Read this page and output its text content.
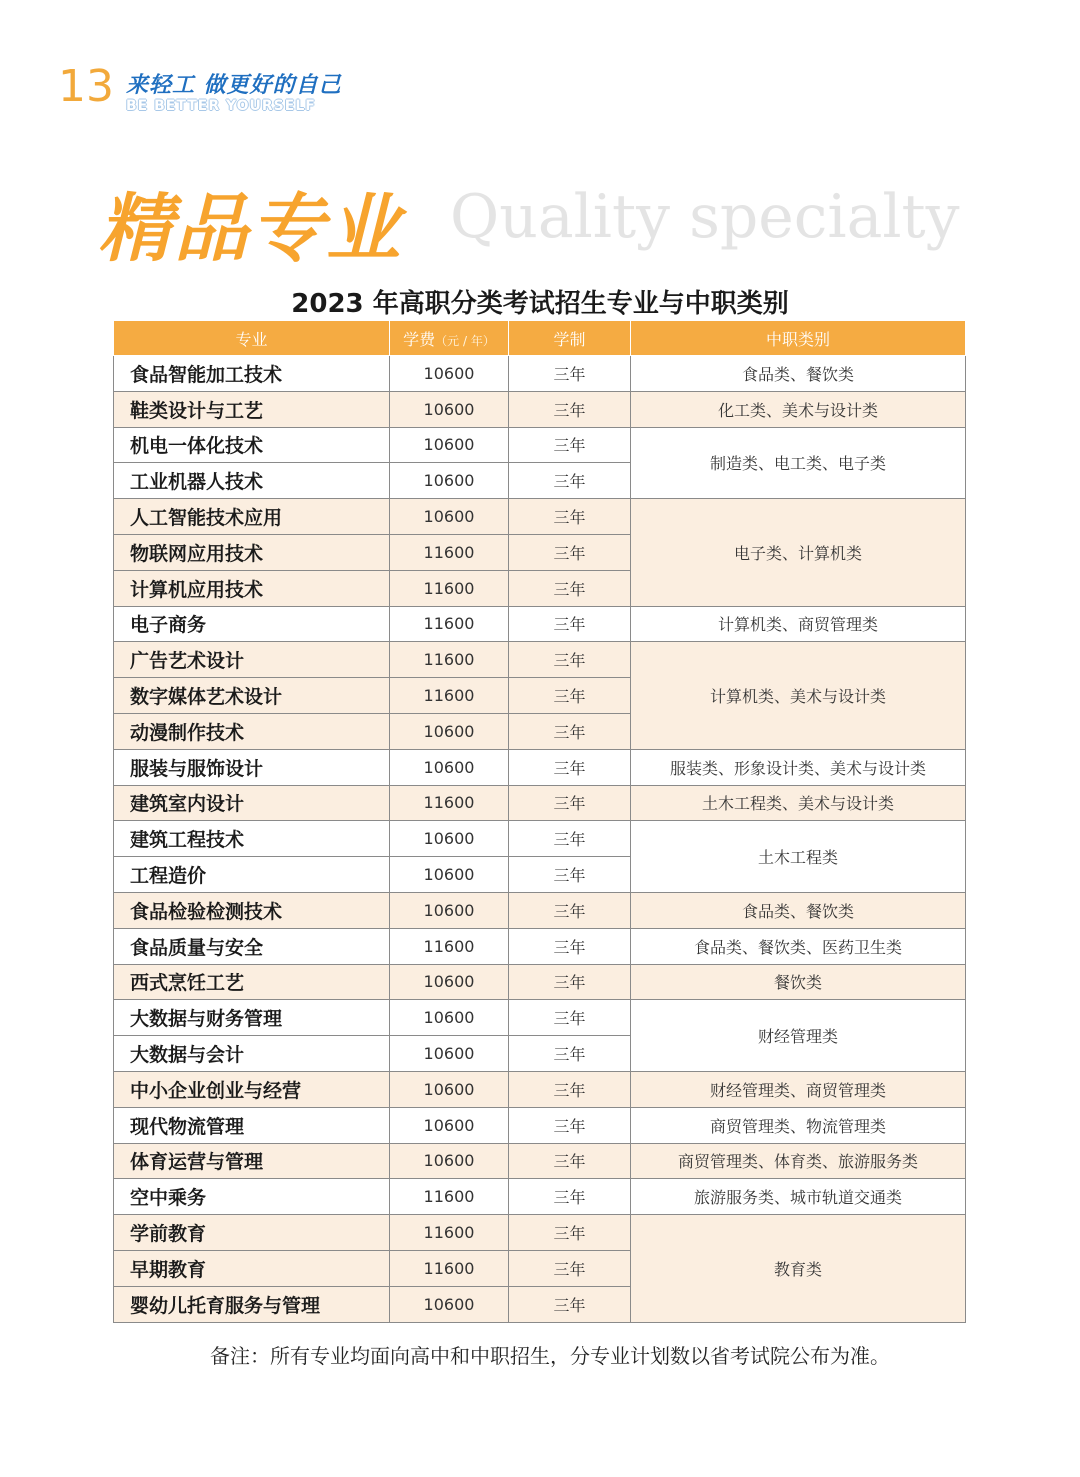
13 来轻工 做更好的自己
BE BETTER YOURSELF
精品专业 Quality specialty
2023 年高职分类考试招生专业与中职类别
专业	学费（元 / 年）	学制	中职类别
食品智能加工技术	10600	三年	食品类、餐饮类
鞋类设计与工艺	10600	三年	化工类、美术与设计类
机电一体化技术	10600	三年	制造类、电工类、电子类
工业机器人技术	10600	三年	
人工智能技术应用	10600	三年	电子类、计算机类
物联网应用技术	11600	三年	
计算机应用技术	11600	三年	
电子商务	11600	三年	计算机类、商贸管理类
广告艺术设计	11600	三年	计算机类、美术与设计类
数字媒体艺术设计	11600	三年	
动漫制作技术	10600	三年	
服装与服饰设计	10600	三年	服装类、形象设计类、美术与设计类
建筑室内设计	11600	三年	土木工程类、美术与设计类
建筑工程技术	10600	三年	土木工程类
工程造价	10600	三年	
食品检验检测技术	10600	三年	食品类、餐饮类
食品质量与安全	11600	三年	食品类、餐饮类、医药卫生类
西式烹饪工艺	10600	三年	餐饮类
大数据与财务管理	10600	三年	财经管理类
大数据与会计	10600	三年	
中小企业创业与经营	10600	三年	财经管理类、商贸管理类
现代物流管理	10600	三年	商贸管理类、物流管理类
体育运营与管理	10600	三年	商贸管理类、体育类、旅游服务类
空中乘务	11600	三年	旅游服务类、城市轨道交通类
学前教育	11600	三年	教育类
早期教育	11600	三年	
婴幼儿托育服务与管理	10600	三年	
备注：所有专业均面向高中和中职招生，分专业计划数以省考试院公布为准。
